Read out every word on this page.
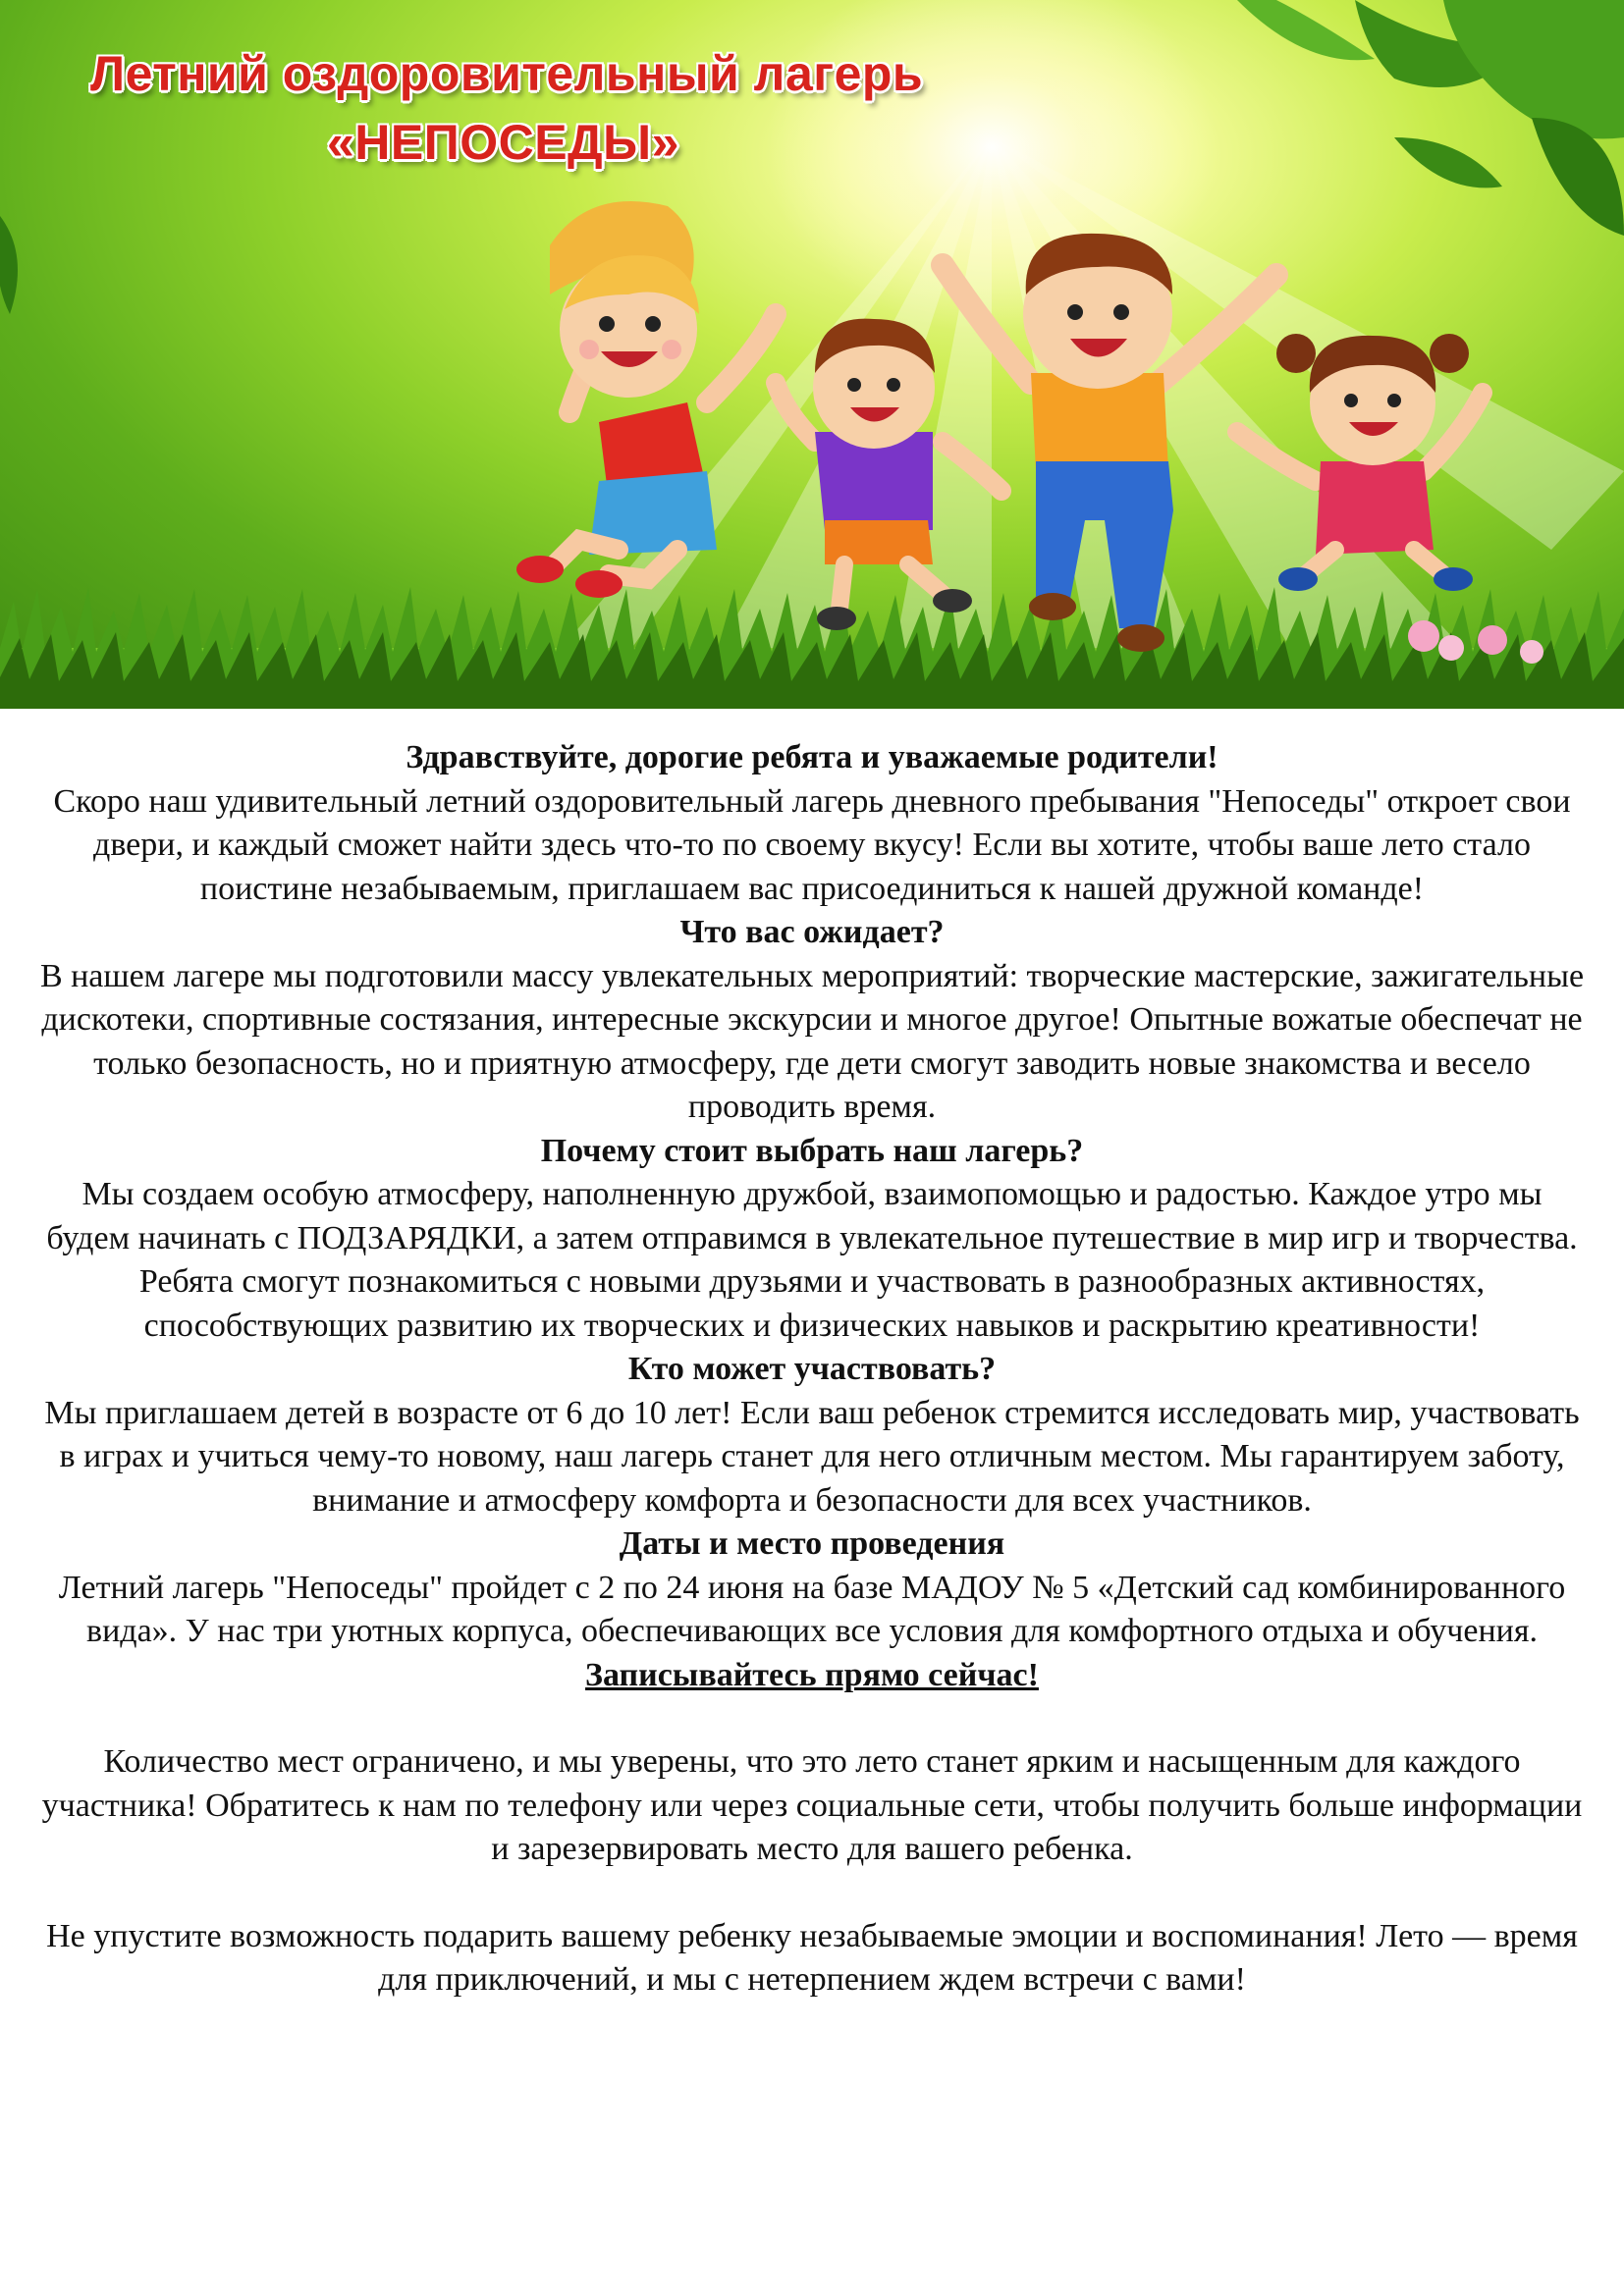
Летний оздоровительный лагерь
«НЕПОСЕДЫ»
Здравствуйте, дорогие ребята и уважаемые родители!

Скоро наш удивительный летний оздоровительный лагерь дневного пребывания "Непоседы" откроет свои двери, и каждый сможет найти здесь что-то по своему вкусу! Если вы хотите, чтобы ваше лето стало поистине незабываемым, приглашаем вас присоединиться к нашей дружной команде!

Что вас ожидает?

В нашем лагере мы подготовили массу увлекательных мероприятий: творческие мастерские, зажигательные дискотеки, спортивные состязания, интересные экскурсии и многое другое! Опытные вожатые обеспечат не только безопасность, но и приятную атмосферу, где дети смогут заводить новые знакомства и весело проводить время.

Почему стоит выбрать наш лагерь?

Мы создаем особую атмосферу, наполненную дружбой, взаимопомощью и радостью. Каждое утро мы будем начинать с ПОДЗАРЯДКИ, а затем отправимся в увлекательное путешествие в мир игр и творчества. Ребята смогут познакомиться с новыми друзьями и участвовать в разнообразных активностях, способствующих развитию их творческих и физических навыков и раскрытию креативности!

Кто может участвовать?

Мы приглашаем детей в возрасте от 6 до 10 лет! Если ваш ребенок стремится исследовать мир, участвовать в играх и учиться чему-то новому, наш лагерь станет для него отличным местом. Мы гарантируем заботу, внимание и атмосферу комфорта и безопасности для всех участников.

Даты и место проведения

Летний лагерь "Непоседы" пройдет с 2 по 24 июня на базе МАДОУ № 5 «Детский сад комбинированного вида». У нас три уютных корпуса, обеспечивающих все условия для комфортного отдыха и обучения.

Записывайтесь прямо сейчас!

Количество мест ограничено, и мы уверены, что это лето станет ярким и насыщенным для каждого участника! Обратитесь к нам по телефону или через социальные сети, чтобы получить больше информации и зарезервировать место для вашего ребенка.

Не упустите возможность подарить вашему ребенку незабываемые эмоции и воспоминания! Лето — время для приключений, и мы с нетерпением ждем встречи с вами!
